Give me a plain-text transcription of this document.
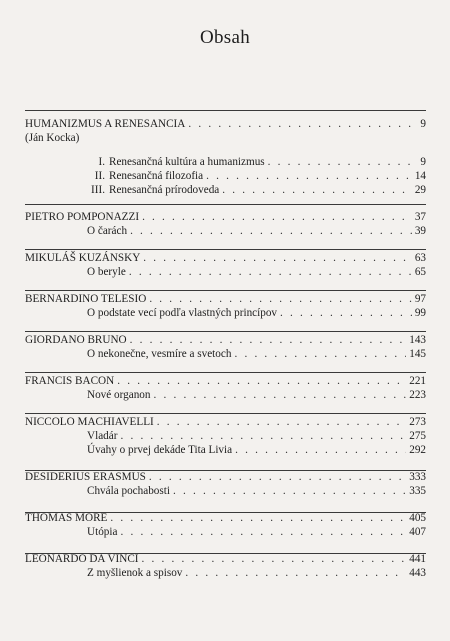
Obsah
HUMANIZMUS A RENESANCIA . . .	9
(Ján Kocka)
I. Renesančná kultúra a humanizmus . . .	9
II. Renesančná filozofia . . .	14
III. Renesančná prírodoveda . . .	29
PIETRO POMPONAZZI . . .	37
O čarách . . .	39
MIKULÁŠ KUZÁNSKY . . .	63
O beryle . . .	65
BERNARDINO TELESIO . . .	97
O podstate vecí podľa vlastných princípov . . .	99
GIORDANO BRUNO . . .	143
O nekonečne, vesmíre a svetoch . . .	145
FRANCIS BACON . . .	221
Nové organon . . .	223
NICCOLO MACHIAVELLI . . .	273
Vladár . . .	275
Úvahy o prvej dekáde Tita Livia . . .	292
DESIDERIUS ERASMUS . . .	333
Chvála pochabosti . . .	335
THOMAS MORE . . .	405
Utópia . . .	407
LEONARDO DA VINCI . . .	441
Z myšlienok a spisov . . .	443
